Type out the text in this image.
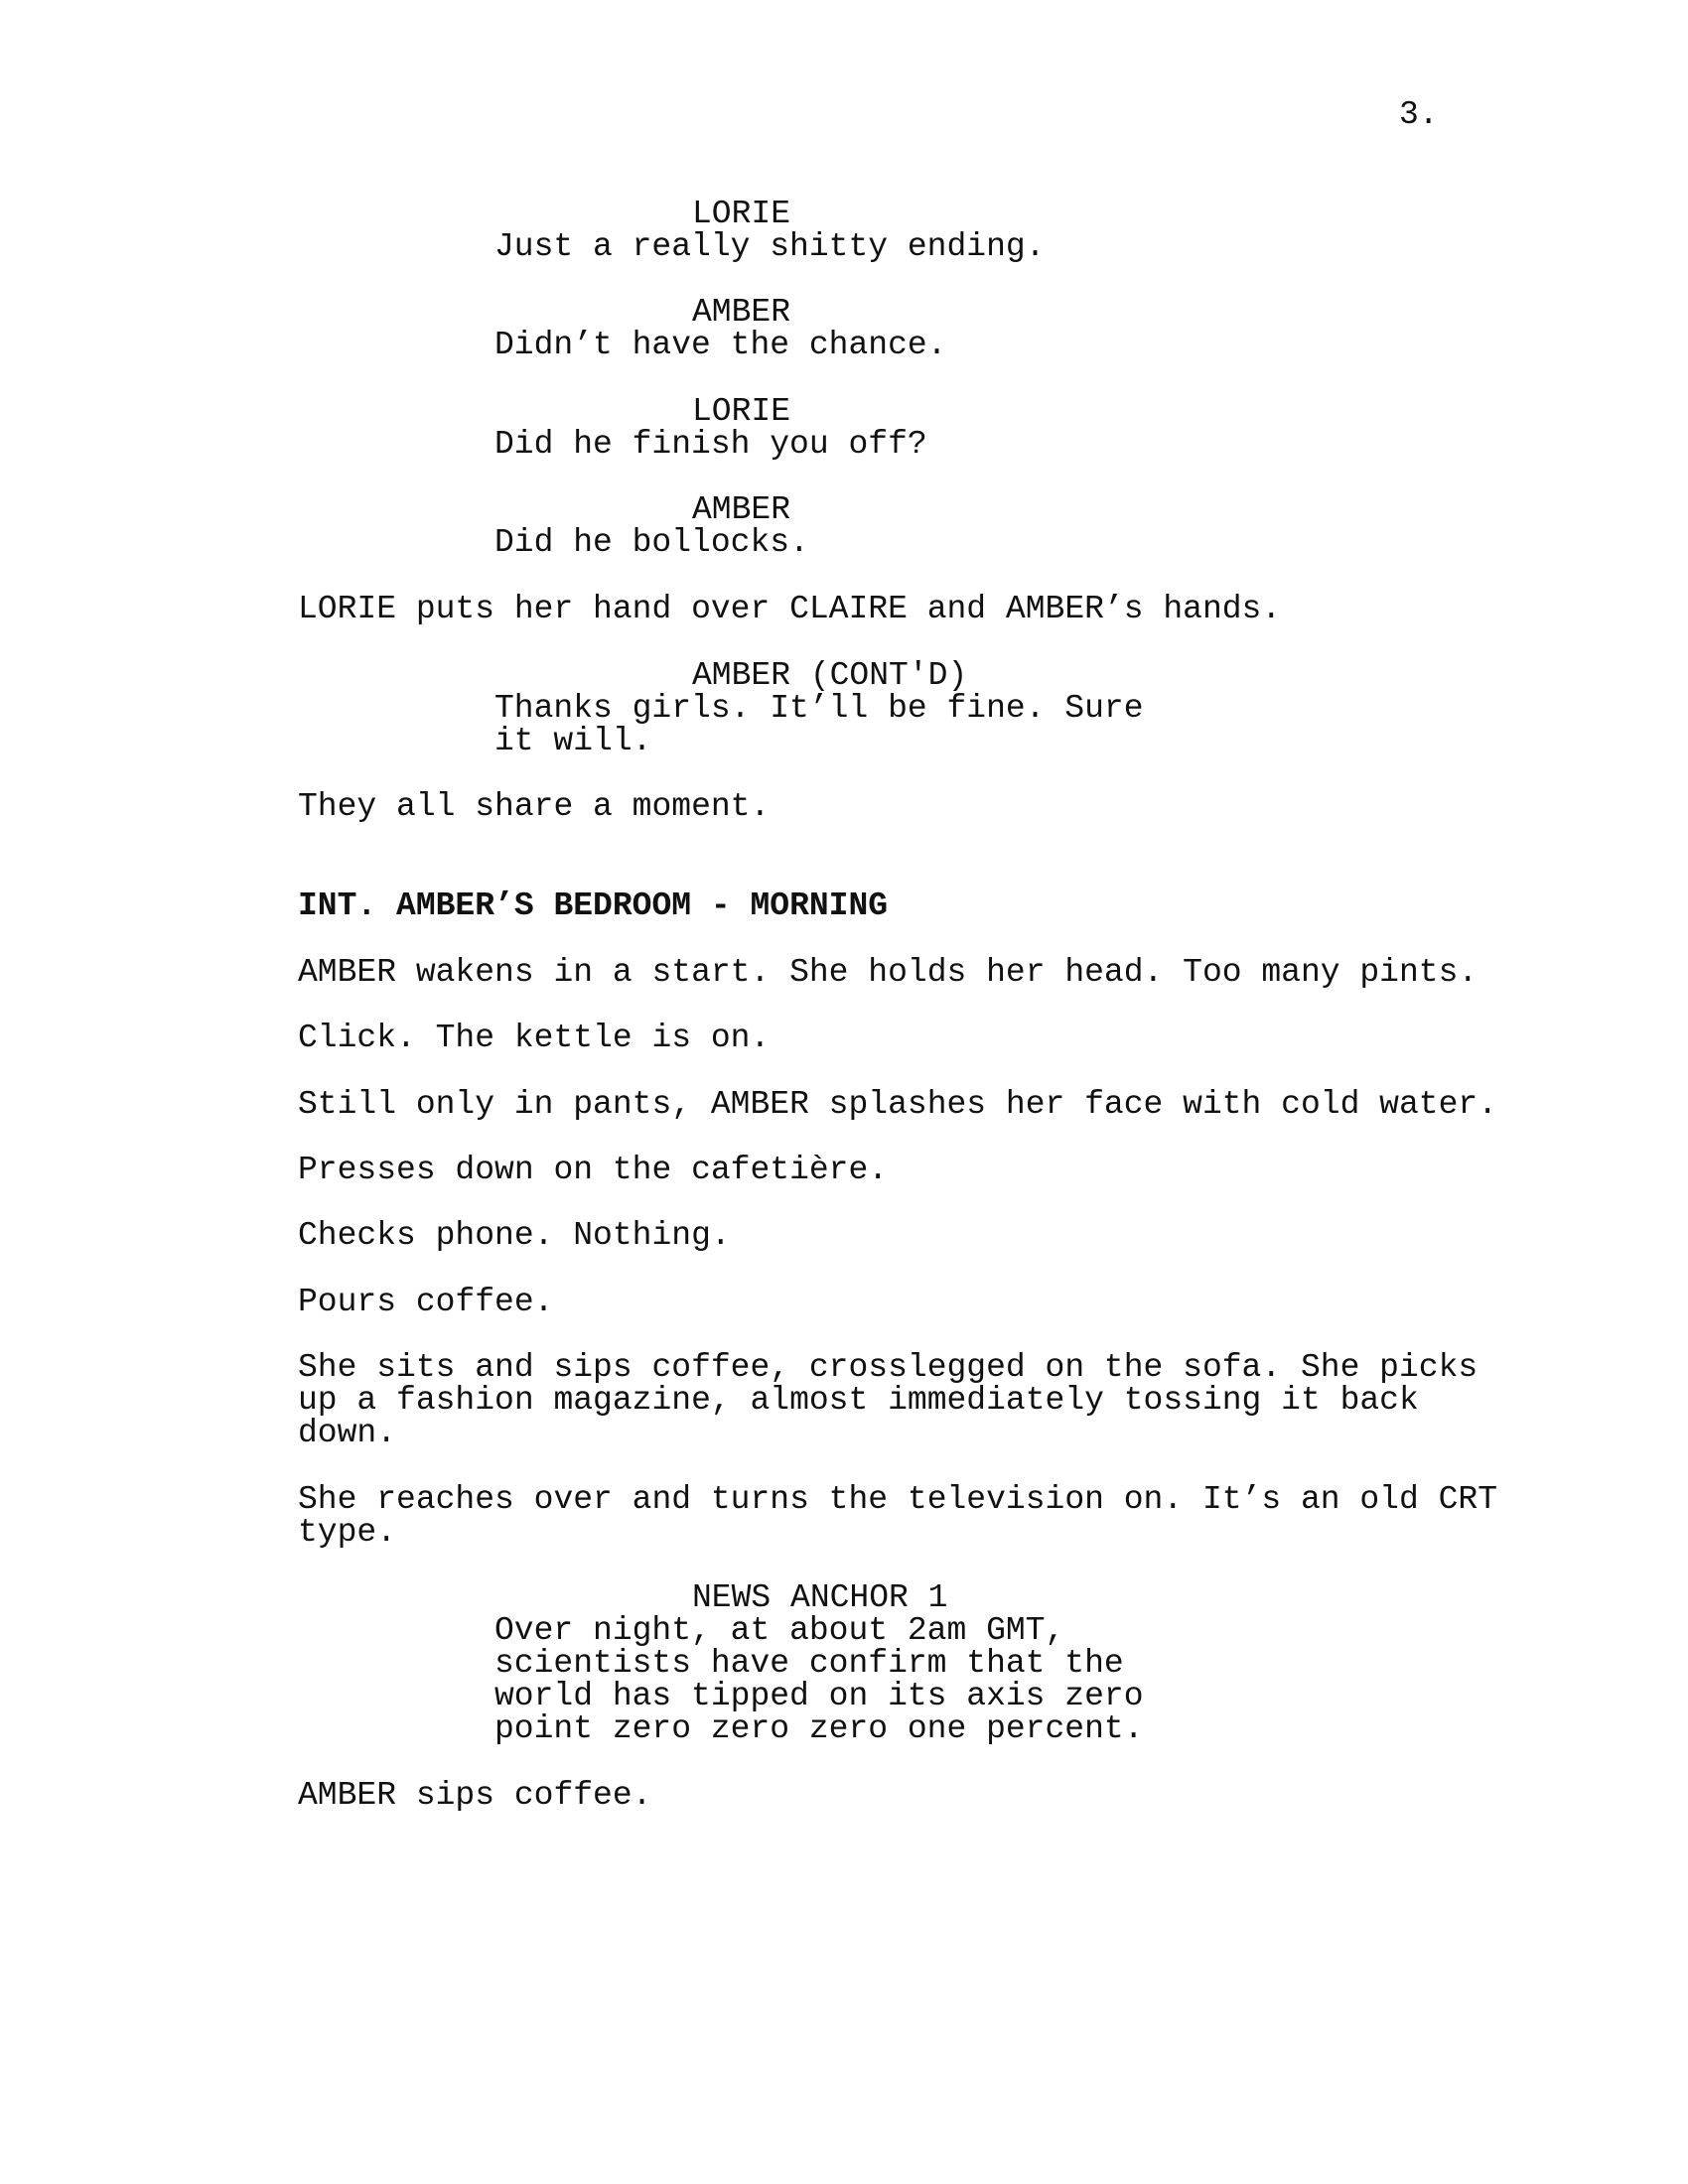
3.
LORIE
Just a really shitty ending.
AMBER
Didn’t have the chance.
LORIE
Did he finish you off?
AMBER
Did he bollocks.
LORIE puts her hand over CLAIRE and AMBER’s hands.
AMBER (CONT'D)
Thanks girls. It’ll be fine. Sure
it will.
They all share a moment.
INT. AMBER’S BEDROOM - MORNING
AMBER wakens in a start. She holds her head. Too many pints.
Click. The kettle is on.
Still only in pants, AMBER splashes her face with cold water.
Presses down on the cafetière.
Checks phone. Nothing.
Pours coffee.
She sits and sips coffee, crosslegged on the sofa. She picks
up a fashion magazine, almost immediately tossing it back
down.
She reaches over and turns the television on. It’s an old CRT
type.
NEWS ANCHOR 1
Over night, at about 2am GMT,
scientists have confirm that the
world has tipped on its axis zero
point zero zero zero one percent.
AMBER sips coffee.
